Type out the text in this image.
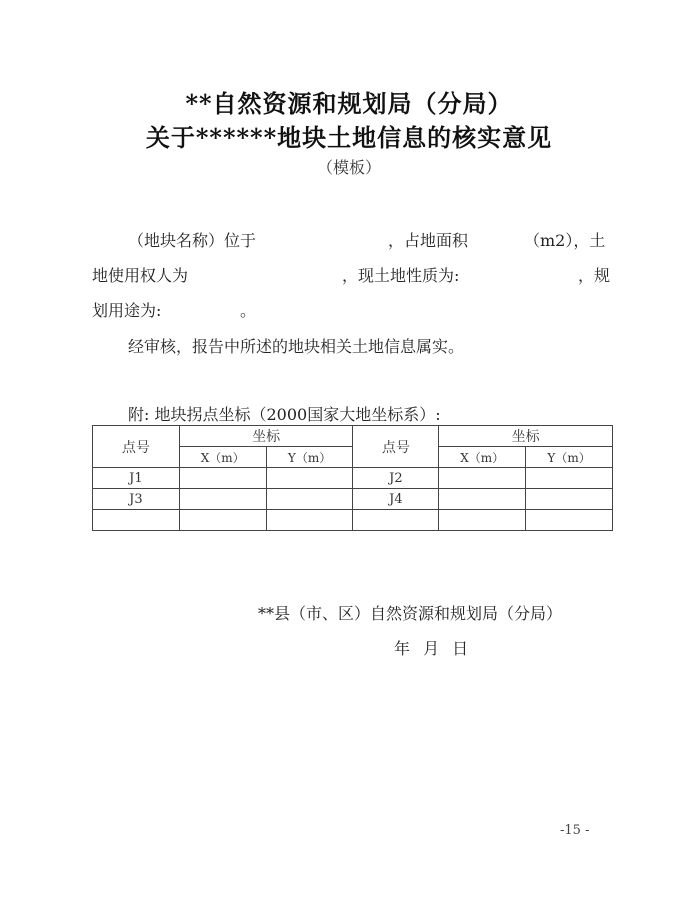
**自然资源和规划局（分局）
关于******地块土地信息的核实意见
（模板）
（地块名称）位于	，占地面积	（m2），土
地使用权人为	，现土地性质为:	，规
划用途为:	。
经审核，报告中所述的地块相关土地信息属实。
附: 地块拐点坐标（2000国家大地坐标系）:
点号	坐标		点号	坐标	
	X（m）	Y（m）		X（m）	Y（m）
J1			J2		
J3			J4		

**县（市、区）自然资源和规划局（分局）
年 月 日
-15 -
